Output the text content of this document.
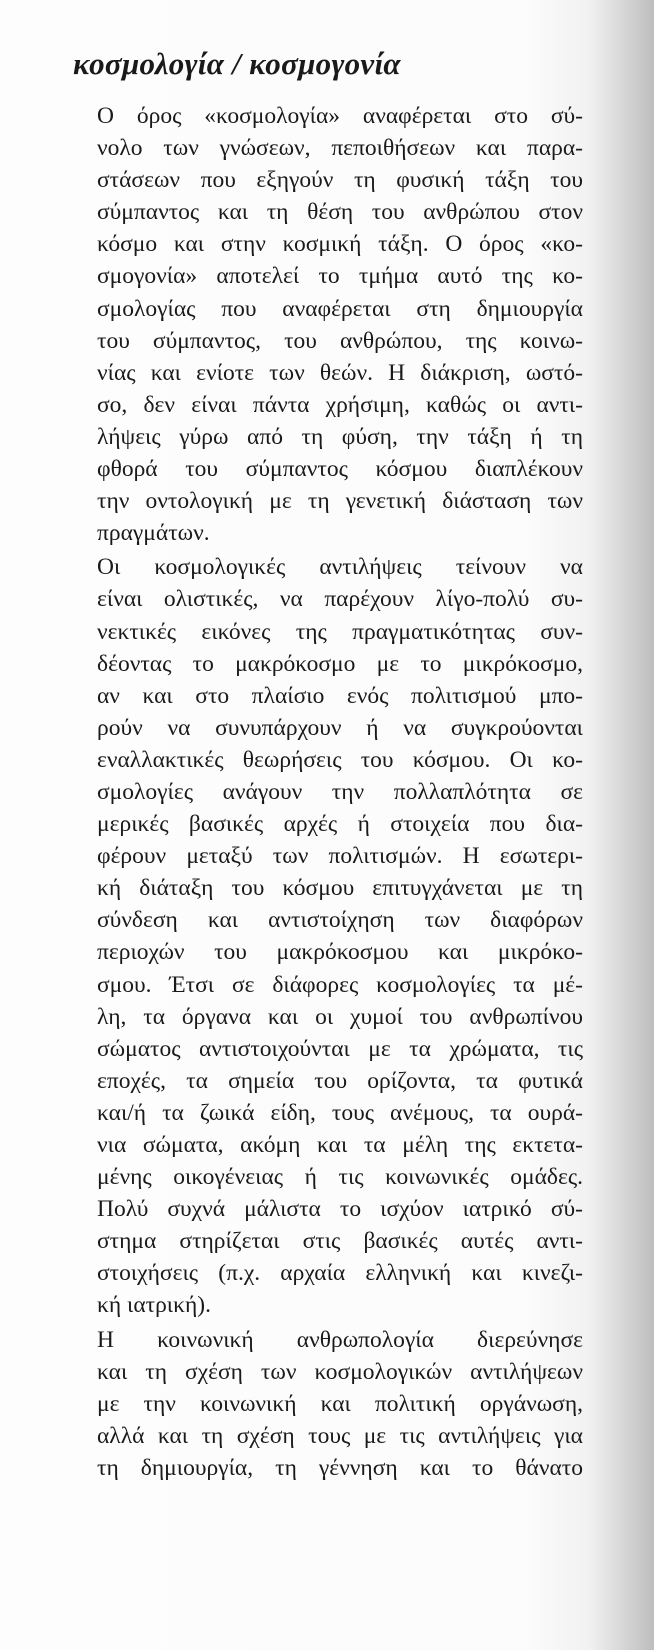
κοσμολογία / κοσμογονία
Ο όρος «κοσμολογία» αναφέρεται στο σύ-
νολο των γνώσεων, πεποιθήσεων και παρα-
στάσεων που εξηγούν τη φυσική τάξη του
σύμπαντος και τη θέση του ανθρώπου στον
κόσμο και στην κοσμική τάξη. Ο όρος «κο-
σμογονία» αποτελεί το τμήμα αυτό της κο-
σμολογίας που αναφέρεται στη δημιουργία
του σύμπαντος, του ανθρώπου, της κοινω-
νίας και ενίοτε των θεών. Η διάκριση, ωστό-
σο, δεν είναι πάντα χρήσιμη, καθώς οι αντι-
λήψεις γύρω από τη φύση, την τάξη ή τη
φθορά του σύμπαντος κόσμου διαπλέκουν
την οντολογική με τη γενετική διάσταση των
πραγμάτων.
Οι κοσμολογικές αντιλήψεις τείνουν να
είναι ολιστικές, να παρέχουν λίγο-πολύ συ-
νεκτικές εικόνες της πραγματικότητας συν-
δέοντας το μακρόκοσμο με το μικρόκοσμο,
αν και στο πλαίσιο ενός πολιτισμού μπο-
ρούν να συνυπάρχουν ή να συγκρούονται
εναλλακτικές θεωρήσεις του κόσμου. Οι κο-
σμολογίες ανάγουν την πολλαπλότητα σε
μερικές βασικές αρχές ή στοιχεία που δια-
φέρουν μεταξύ των πολιτισμών. Η εσωτερι-
κή διάταξη του κόσμου επιτυγχάνεται με τη
σύνδεση και αντιστοίχηση των διαφόρων
περιοχών του μακρόκοσμου και μικρόκο-
σμου. Έτσι σε διάφορες κοσμολογίες τα μέ-
λη, τα όργανα και οι χυμοί του ανθρωπίνου
σώματος αντιστοιχούνται με τα χρώματα, τις
εποχές, τα σημεία του ορίζοντα, τα φυτικά
και/ή τα ζωικά είδη, τους ανέμους, τα ουρά-
νια σώματα, ακόμη και τα μέλη της εκτετα-
μένης οικογένειας ή τις κοινωνικές ομάδες.
Πολύ συχνά μάλιστα το ισχύον ιατρικό σύ-
στημα στηρίζεται στις βασικές αυτές αντι-
στοιχήσεις (π.χ. αρχαία ελληνική και κινεζι-
κή ιατρική).
Η κοινωνική ανθρωπολογία διερεύνησε
και τη σχέση των κοσμολογικών αντιλήψεων
με την κοινωνική και πολιτική οργάνωση,
αλλά και τη σχέση τους με τις αντιλήψεις για
τη δημιουργία, τη γέννηση και το θάνατο
